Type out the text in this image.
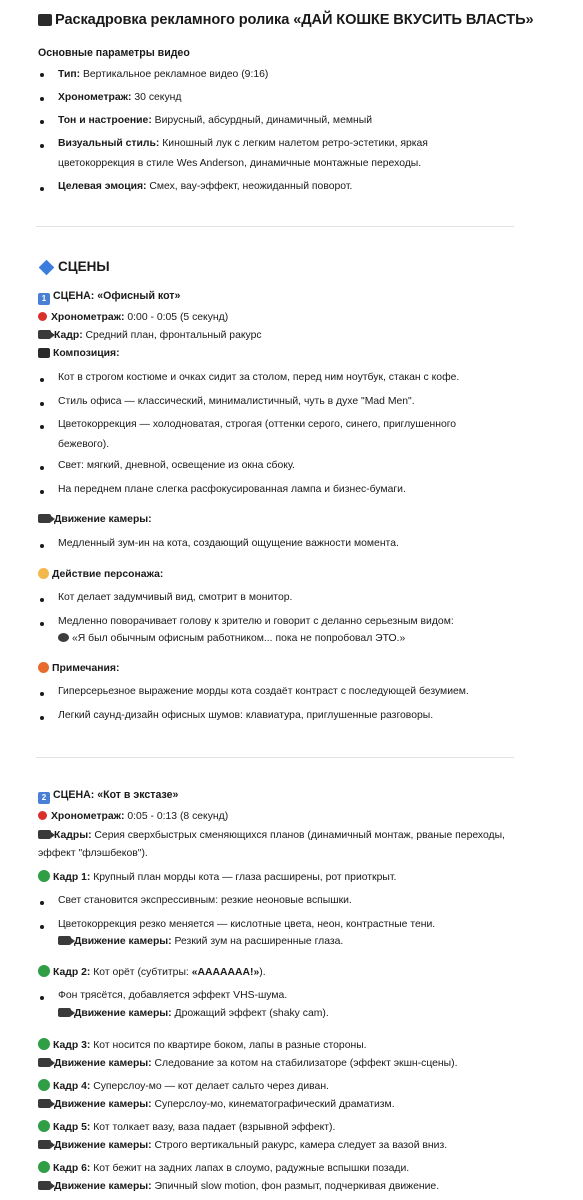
Раскадровка рекламного ролика «ДАЙ КОШКЕ ВКУСИТЬ ВЛАСТЬ»
Основные параметры видео
Тип: Вертикальное рекламное видео (9:16)
Хронометраж: 30 секунд
Тон и настроение: Вирусный, абсурдный, динамичный, мемный
Визуальный стиль: Киношный лук с легким налетом ретро-эстетики, яркая цветокоррекция в стиле Wes Anderson, динамичные монтажные переходы.
Целевая эмоция: Смех, вау-эффект, неожиданный поворот.
СЦЕНЫ
1 СЦЕНА: «Офисный кот»
Хронометраж: 0:00 - 0:05 (5 секунд)
Кадр: Средний план, фронтальный ракурс
Композиция:
Кот в строгом костюме и очках сидит за столом, перед ним ноутбук, стакан с кофе.
Стиль офиса — классический, минималистичный, чуть в духе "Mad Men".
Цветокоррекция — холодноватая, строгая (оттенки серого, синего, приглушенного бежевого).
Свет: мягкий, дневной, освещение из окна сбоку.
На переднем плане слегка расфокусированная лампа и бизнес-бумаги.
Движение камеры:
Медленный зум-ин на кота, создающий ощущение важности момента.
Действие персонажа:
Кот делает задумчивый вид, смотрит в монитор.
Медленно поворачивает голову к зрителю и говорит с деланно серьезным видом:
«Я был обычным офисным работником... пока не попробовал ЭТО.»
Примечания:
Гиперсерьезное выражение морды кота создаёт контраст с последующей безумием.
Легкий саунд-дизайн офисных шумов: клавиатура, приглушенные разговоры.
2 СЦЕНА: «Кот в экстазе»
Хронометраж: 0:05 - 0:13 (8 секунд)
Кадры: Серия сверхбыстрых сменяющихся планов (динамичный монтаж, рваные переходы,
эффект "флэшбеков").
Кадр 1: Крупный план морды кота — глаза расширены, рот приоткрыт.
Свет становится экспрессивным: резкие неоновые вспышки.
Цветокоррекция резко меняется — кислотные цвета, неон, контрастные тени.
Движение камеры: Резкий зум на расширенные глаза.
Кадр 2: Кот орёт (субтитры: «ААААААА!»).
Фон трясётся, добавляется эффект VHS-шума.
Движение камеры: Дрожащий эффект (shaky cam).
Кадр 3: Кот носится по квартире боком, лапы в разные стороны.
Движение камеры: Следование за котом на стабилизаторе (эффект экшн-сцены).
Кадр 4: Суперслоу-мо — кот делает сальто через диван.
Движение камеры: Суперслоу-мо, кинематографический драматизм.
Кадр 5: Кот толкает вазу, ваза падает (взрывной эффект).
Движение камеры: Строго вертикальный ракурс, камера следует за вазой вниз.
Кадр 6: Кот бежит на задних лапах в слоумо, радужные вспышки позади.
Движение камеры: Эпичный slow motion, фон размыт, подчеркивая движение.
